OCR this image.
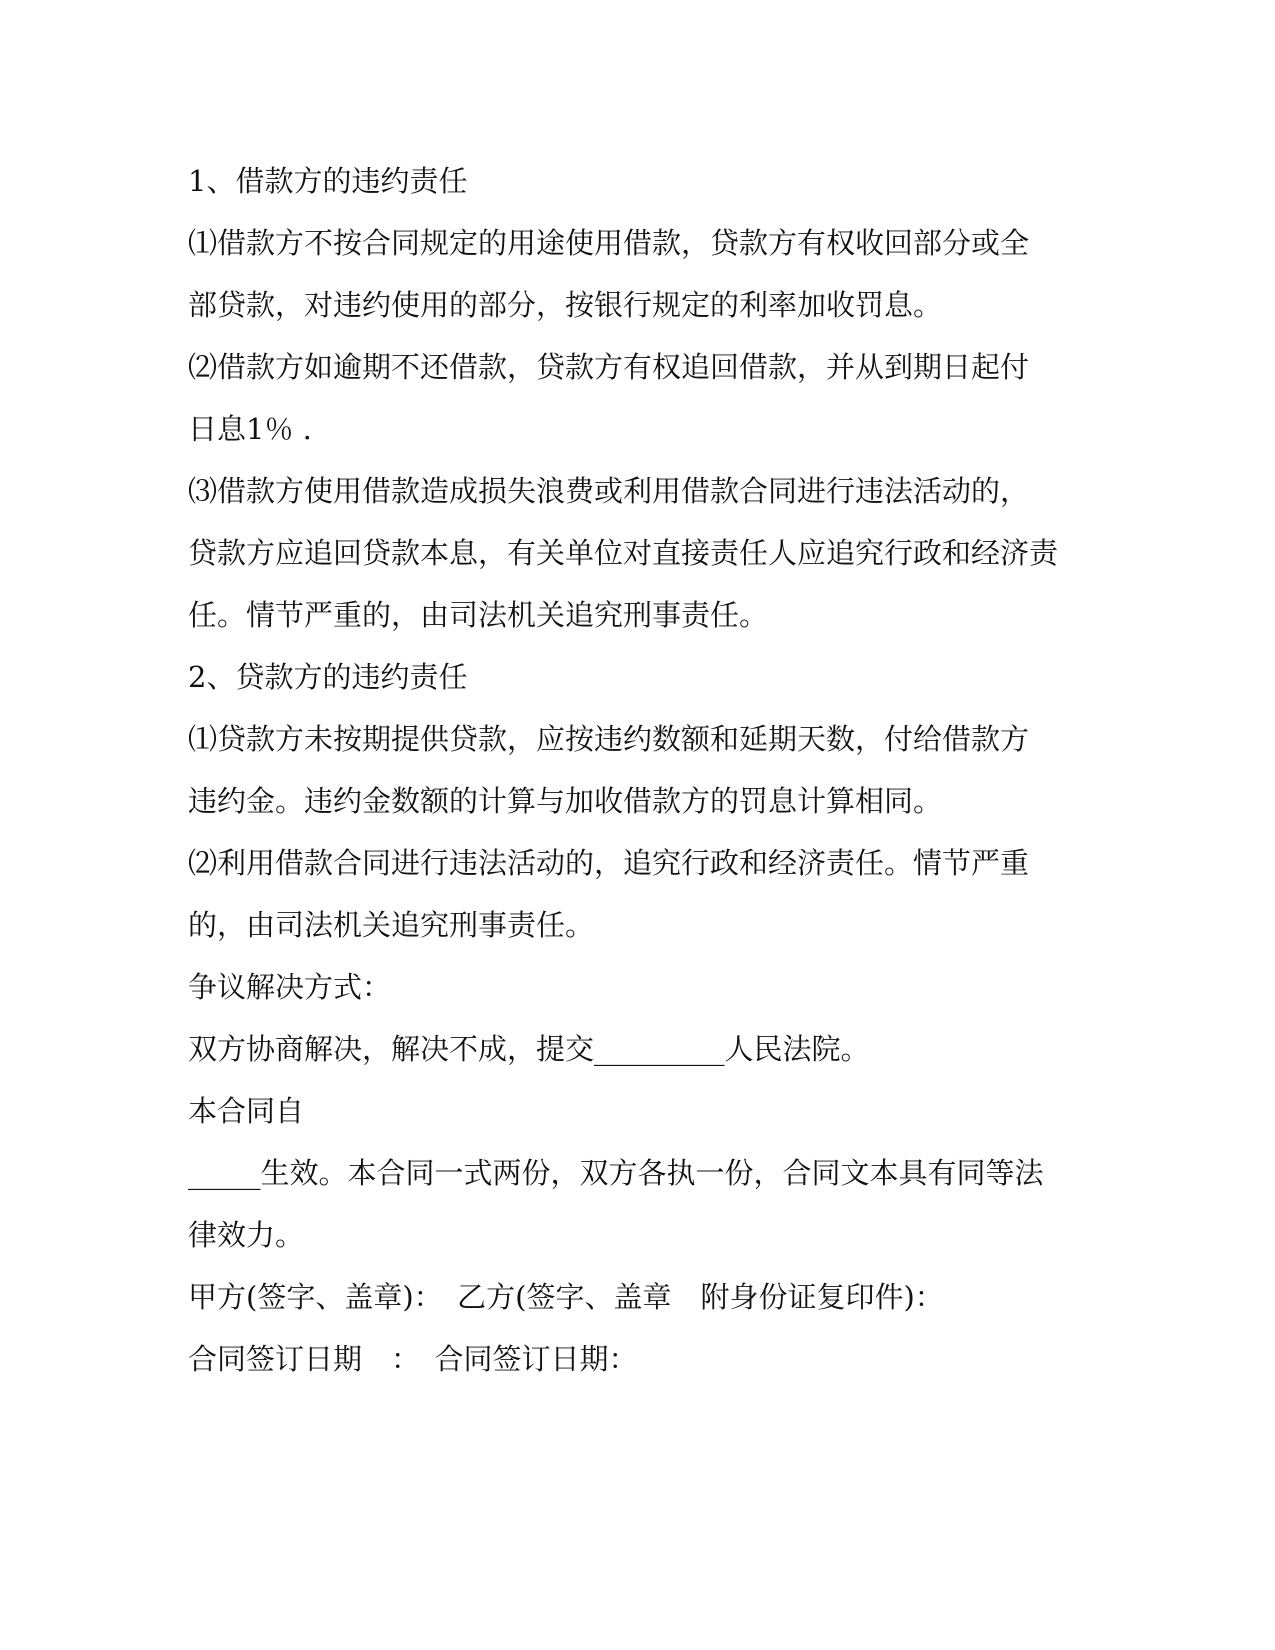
1、借款方的违约责任
⑴借款方不按合同规定的用途使用借款，贷款方有权收回部分或全
部贷款，对违约使用的部分，按银行规定的利率加收罚息。
⑵借款方如逾期不还借款，贷款方有权追回借款，并从到期日起付
日息1％ .
⑶借款方使用借款造成损失浪费或利用借款合同进行违法活动的，
贷款方应追回贷款本息，有关单位对直接责任人应追究行政和经济责
任。情节严重的，由司法机关追究刑事责任。
2、贷款方的违约责任
⑴贷款方未按期提供贷款，应按违约数额和延期天数，付给借款方
违约金。违约金数额的计算与加收借款方的罚息计算相同。
⑵利用借款合同进行违法活动的，追究行政和经济责任。情节严重
的，由司法机关追究刑事责任。
争议解决方式：
双方协商解决，解决不成，提交_________人民法院。
本合同自
_____生效。本合同一式两份，双方各执一份，合同文本具有同等法
律效力。
甲方(签字、盖章)：　乙方(签字、盖章　附身份证复印件)：
合同签订日期　：　合同签订日期：
